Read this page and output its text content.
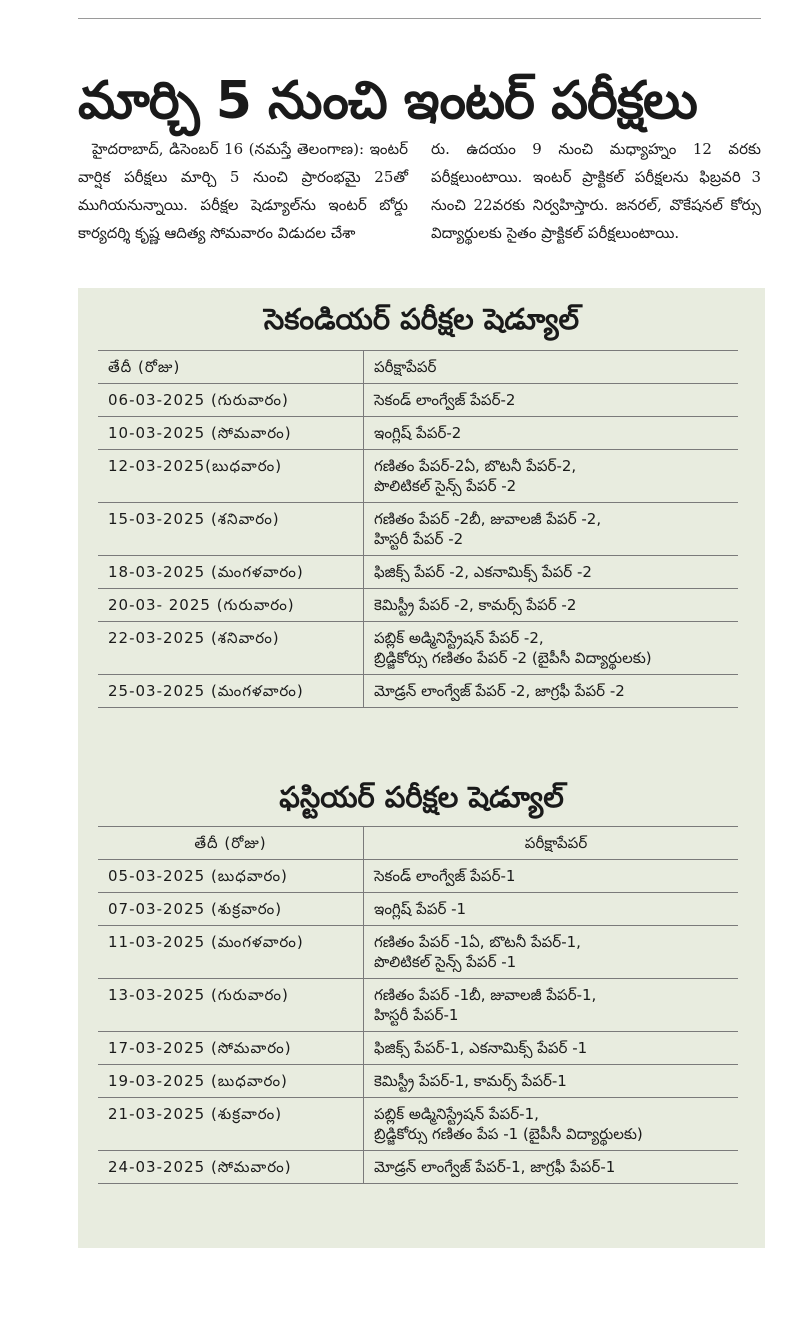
మార్చి 5 నుంచి ఇంటర్ పరీక్షలు

హైదరాబాద్, డిసెంబర్ 16 (నమస్తే తెలంగాణ): ఇంటర్ వార్షిక పరీక్షలు మార్చి 5 నుంచి ప్రారంభమై 25తో ముగియనున్నాయి. పరీక్షల షెడ్యూల్‌ను ఇంటర్ బోర్డు కార్యదర్శి కృష్ణ ఆదిత్య సోమవారం విడుదల చేశా

రు. ఉదయం 9 నుంచి మధ్యాహ్నం 12 వరకు పరీక్షలుంటాయి. ఇంటర్ ప్రాక్టికల్ పరీక్షలను ఫిబ్రవరి 3 నుంచి 22వరకు నిర్వహిస్తారు. జనరల్, వొకేషనల్ కోర్సు విద్యార్థులకు సైతం ప్రాక్టికల్ పరీక్షలుంటాయి.

సెకండియర్ పరీక్షల షెడ్యూల్
తేదీ (రోజు)	పరీక్షాపేపర్
06-03-2025 (గురువారం)	సెకండ్ లాంగ్వేజ్ పేపర్-2

10-03-2025 (సోమవారం)	ఇంగ్లిష్ పేపర్-2

12-03-2025(బుధవారం)	గణితం పేపర్-2ఏ, బొటనీ పేపర్-2,
పొలిటికల్ సైన్స్ పేపర్ -2

15-03-2025 (శనివారం)	గణితం పేపర్ -2బీ, జువాలజీ పేపర్ -2,
హిస్టరీ పేపర్ -2

18-03-2025 (మంగళవారం)	ఫిజిక్స్ పేపర్ -2, ఎకనామిక్స్ పేపర్ -2

20-03- 2025 (గురువారం)	కెమిస్ట్రీ పేపర్ -2, కామర్స్ పేపర్ -2

22-03-2025 (శనివారం)	పబ్లిక్ అడ్మినిస్ట్రేషన్ పేపర్ -2,
బ్రిడ్జికోర్సు గణితం పేపర్ -2 (బైపీసీ విద్యార్థులకు)

25-03-2025 (మంగళవారం)	మోడ్రన్ లాంగ్వేజ్ పేపర్ -2, జాగ్రఫీ పేపర్ -2
ఫస్టియర్ పరీక్షల షెడ్యూల్
తేదీ (రోజు)	పరీక్షాపేపర్
05-03-2025 (బుధవారం)	సెకండ్ లాంగ్వేజ్ పేపర్-1

07-03-2025 (శుక్రవారం)	ఇంగ్లిష్ పేపర్ -1

11-03-2025 (మంగళవారం)	గణితం పేపర్ -1ఏ, బొటనీ పేపర్-1,
పొలిటికల్ సైన్స్ పేపర్ -1

13-03-2025 (గురువారం)	గణితం పేపర్ -1బీ, జువాలజీ పేపర్-1,
హిస్టరీ పేపర్-1

17-03-2025 (సోమవారం)	ఫిజిక్స్ పేపర్-1, ఎకనామిక్స్ పేపర్ -1

19-03-2025 (బుధవారం)	కెమిస్ట్రీ పేపర్-1, కామర్స్ పేపర్-1

21-03-2025 (శుక్రవారం)	పబ్లిక్ అడ్మినిస్ట్రేషన్ పేపర్-1,
బ్రిడ్జికోర్సు గణితం పేప -1 (బైపీసీ విద్యార్థులకు)

24-03-2025 (సోమవారం)	మోడ్రన్ లాంగ్వేజ్ పేపర్-1, జాగ్రఫీ పేపర్-1
